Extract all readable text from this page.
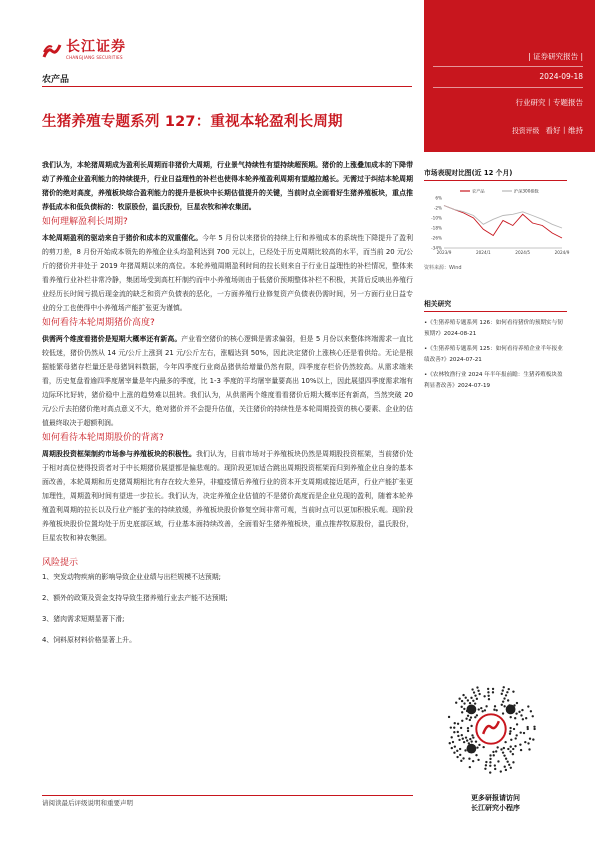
长江证券
CHANGJIANG SECURITIES	| 证券研究报告 |
2024-09-18
行业研究丨专题报告
投资评级 看好丨维持
农产品
生猪养殖专题系列 127：重视本轮盈利长周期

我们认为，本轮猪周期成为盈利长周期而非猪价大周期，行业景气持续性有望持续超预期。猪价的上涨叠加成本的下降带动了养殖企业盈利能力的持续提升，行业日益理性的补栏也使得本轮养殖盈利周期有望越拉越长。无需过于纠结本轮周期猪价的绝对高度，养殖板块综合盈利能力的提升是板块中长期估值提升的关键，当前时点全面看好生猪养殖板块，重点推荐低成本和低负债标的：牧原股份，温氏股份，巨星农牧和神农集团。

如何理解盈利长周期?

本轮周期盈利的驱动来自于猪价和成本的双重催化。今年 5 月份以来猪价的持续上行和养殖成本的系统性下降提升了盈利的剪刀差，8 月份开始成本领先的养殖企业头均盈利达到 700 元以上，已经处于历史周期比较高的水平，而当前 20 元/公斤的猪价并非处于 2019 年猪周期以来的高位。本轮养殖周期盈利时间的拉长则来自于行业日益理性的补栏情况，整体来看养殖行业补栏非常冷静，集团场受到高杠杆制约而中小养殖场则由于低猪价预期整体补栏不积极，其背后反映出养殖行业经历长时间亏损后现金流的缺乏和资产负债表的恶化，一方面养殖行业修复资产负债表仍需时间，另一方面行业日益专业的分工也使得中小养殖场产能扩张更为谨慎。

如何看待本轮周期猪价高度?

供需两个维度看猪价是短期大概率还有新高。产业看空猪价的核心逻辑是需求偏弱，但是 5 月份以来整体终端需求一直比较低迷，猪价仍然从 14 元/公斤上涨到 21 元/公斤左右，涨幅达到 50%，因此决定猪价上涨核心还是看供给。无论是根据能繁母猪存栏量还是母猪饲料数据，今年四季度行业商品猪供给增量仍然有限，四季度存栏价仍然较高。从需求端来看，历史复盘看逾四季度屠宰量是年内最多的季度，比 1-3 季度的平均屠宰量要高出 10%以上，因此展望四季度需求端有边际环比好转，猪价稳中上涨的趋势难以扭转。我们认为，从供需两个维度看看猪价后期大概率还有新高，当然突破 20 元/公斤去拍猪价绝对高点意义不大，绝对猪价并不会提升估值，关注猪价的持续性是本轮周期投资的核心要素、企业的估值最终取决于超额利润。

如何看待本轮周期股价的背离?

周期股投资框架制约市场参与养殖板块的积极性。我们认为，目前市场对于养殖板块仍然是周期股投资框架，当前猪价处于相对高位使得投资者对于中长期猪价展望都是偏悲观的。现阶段更加适合跳出周期投资框架而归到养殖企业自身的基本面改善，本轮周期和历史猪周期相比有存在较大差异，非瘟疫情后养殖行业的资本开支周期或接近尾声，行业产能扩张更加理性，周期盈利时间有望进一步拉长。我们认为，决定养殖企业估值的不是猪价高度而是企业兑现的盈利，随着本轮养殖盈利周期的拉长以及行业产能扩张的持续放缓，养殖板块股价修复空间非常可观，当前时点可以更加积极乐观。现阶段养殖板块股价位置均处于历史底部区域，行业基本面持续改善，全面看好生猪养殖板块，重点推荐牧原股份，温氏股份，巨星农牧和神农集团。

风险提示
1、突发动物疾病的影响导致企业业绩与出栏规模不达预期;
2、额外的政策及资金支持导致生猪养殖行业去产能不达预期;
3、猪肉需求短期显著下滑;
4、饲料原材料价格显著上升。
请阅读最后评级说明和重要声明
市场表现对比图(近 12 个月)
农产品	沪深300指数
6%
-2%
-10%
-18%
-26%
-34%
2023/9	2024/1	2024/5	2024/9
资料来源：Wind
相关研究
•《生猪养殖专题系列 126：如何看待猪价的预期实与韧预期?》2024-08-21
•《生猪养殖专题系列 125：如何看待养殖企业半年报业绩改善?》2024-07-21
•《农林牧渔行业 2024 年半年报前瞻：生猪养殖板块盈利显著改善》2024-07-19
更多研报请访问
长江研究小程序
